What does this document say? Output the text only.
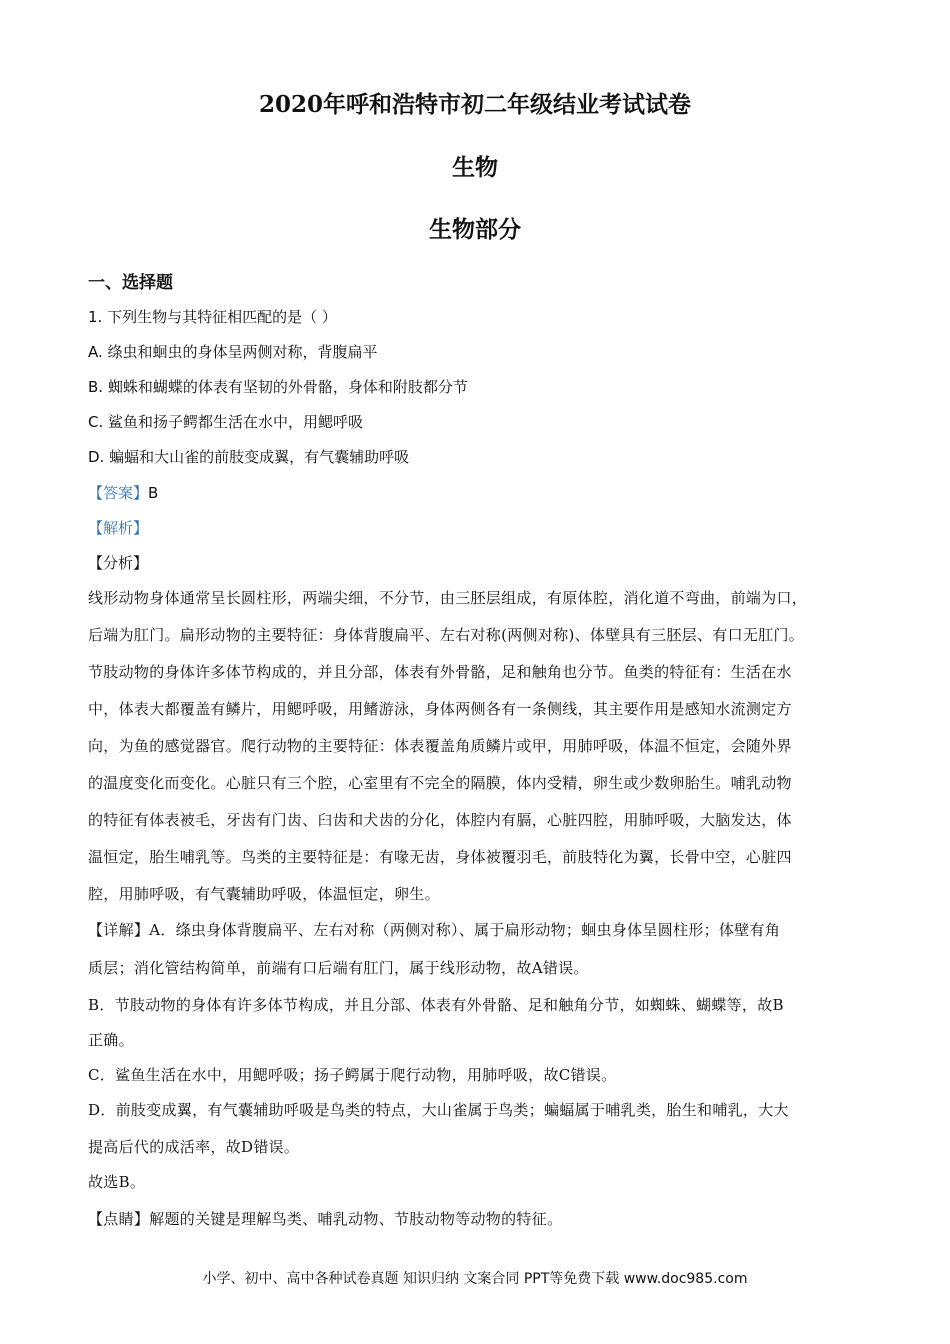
2020年呼和浩特市初二年级结业考试试卷
生物
生物部分
一、选择题
1. 下列生物与其特征相匹配的是（ ）
A. 绦虫和蛔虫的身体呈两侧对称，背腹扁平
B. 蜘蛛和蝴蝶的体表有坚韧的外骨骼，身体和附肢都分节
C. 鲨鱼和扬子鳄都生活在水中，用鳃呼吸
D. 蝙蝠和大山雀的前肢变成翼，有气囊辅助呼吸
【答案】B
【解析】
【分析】
线形动物身体通常呈长圆柱形，两端尖细，不分节，由三胚层组成，有原体腔，消化道不弯曲，前端为口，
后端为肛门。扁形动物的主要特征：身体背腹扁平、左右对称(两侧对称)、体壁具有三胚层、有口无肛门。
节肢动物的身体许多体节构成的，并且分部，体表有外骨骼，足和触角也分节。鱼类的特征有：生活在水
中，体表大都覆盖有鳞片，用鳃呼吸，用鳍游泳，身体两侧各有一条侧线，其主要作用是感知水流测定方
向，为鱼的感觉器官。爬行动物的主要特征：体表覆盖角质鳞片或甲，用肺呼吸，体温不恒定，会随外界
的温度变化而变化。心脏只有三个腔，心室里有不完全的隔膜，体内受精，卵生或少数卵胎生。哺乳动物
的特征有体表被毛，牙齿有门齿、臼齿和犬齿的分化，体腔内有膈，心脏四腔，用肺呼吸，大脑发达，体
温恒定，胎生哺乳等。鸟类的主要特征是：有喙无齿，身体被覆羽毛，前肢特化为翼，长骨中空，心脏四
腔，用肺呼吸，有气囊辅助呼吸，体温恒定，卵生。
【详解】A．绦虫身体背腹扁平、左右对称（两侧对称）、属于扁形动物；蛔虫身体呈圆柱形；体壁有角
质层；消化管结构简单，前端有口后端有肛门，属于线形动物，故A错误。
B．节肢动物的身体有许多体节构成，并且分部、体表有外骨骼、足和触角分节，如蜘蛛、蝴蝶等，故B
正确。
C．鲨鱼生活在水中，用鳃呼吸；扬子鳄属于爬行动物，用肺呼吸，故C错误。
D．前肢变成翼，有气囊辅助呼吸是鸟类的特点，大山雀属于鸟类；蝙蝠属于哺乳类，胎生和哺乳，大大
提高后代的成活率，故D错误。
故选B。
【点睛】解题的关键是理解鸟类、哺乳动物、节肢动物等动物的特征。
小学、初中、高中各种试卷真题 知识归纳 文案合同 PPT等免费下载 www.doc985.com
